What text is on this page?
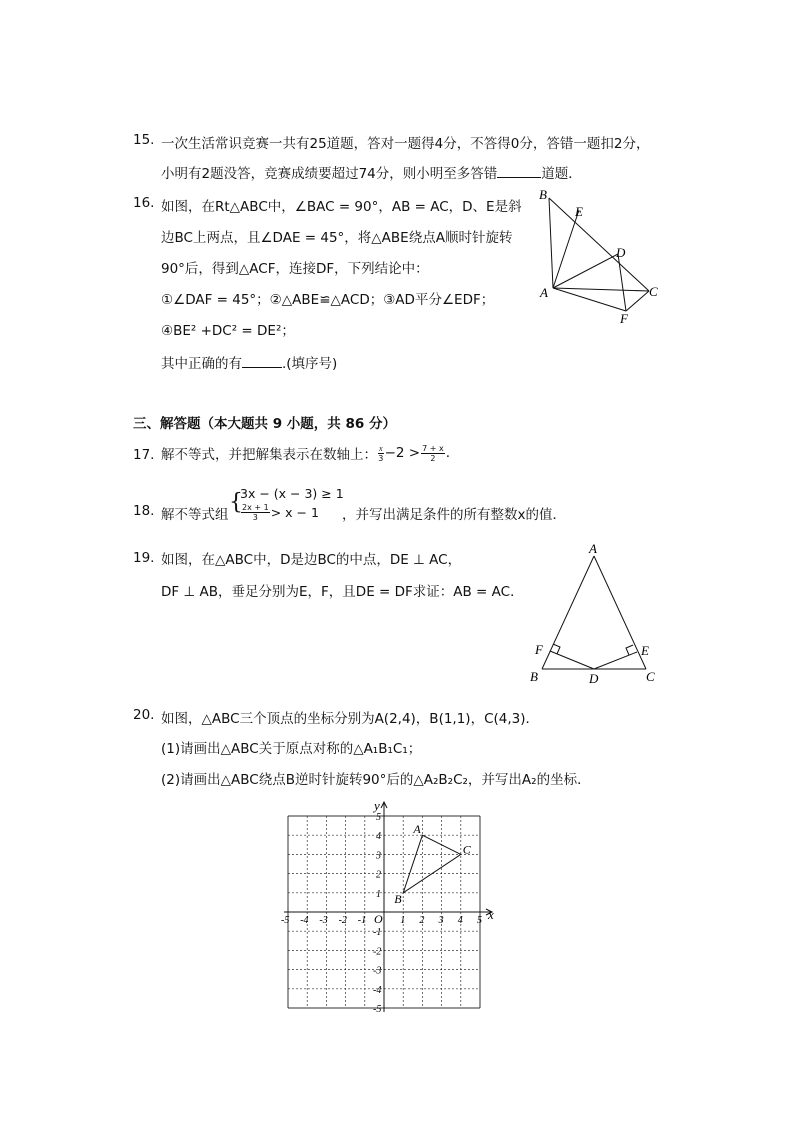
15. 一次生活常识竞赛一共有25道题，答对一题得4分，不答得0分，答错一题扣2分，
小明有2题没答，竞赛成绩要超过74分，则小明至多答错	道题．
16. 如图，在Rt△ABC中，∠BAC = 90°，AB = AC，D、E是斜
边BC上两点，且∠DAE = 45°，将△ABE绕点A顺时针旋转
90°后，得到△ACF，连接DF，下列结论中：
①∠DAF = 45°；②△ABE≌△ACD；③AD平分∠EDF；
④BE² +DC² = DE²；
其中正确的有	.(填序号)
B
E
D
A	C
F
三、解答题（本大题共 9 小题，共 86 分）
17. 解不等式，并把解集表示在数轴上： $\frac{x}{3} -2 > \frac{7 + x}{2}$ .
18. 解不等式组 {
3x − (x − 3) ≥ 1
$\frac{2x + 1}{3} > x - 1$ ，并写出满足条件的所有整数x的值．
19. 如图，在△ABC中，D是边BC的中点，DE ⊥ AC，
DF ⊥ AB，垂足分别为E，F，且DE = DF求证：AB = AC．
A
F	E
B	D	C
20. 如图，△ABC三个顶点的坐标分别为A(2,4)，B(1,1)，C(4,3)．
(1)请画出△ABC关于原点对称的△A₁B₁C₁；
(2)请画出△ABC绕点B逆时针旋转90°后的△A₂B₂C₂，并写出A₂的坐标．
x
y
O
-5 -4 -3 -2 -1	1 2 3 4 5
5
4
3
2
1
-1
-2
-3
-4
-5
A
B
C
